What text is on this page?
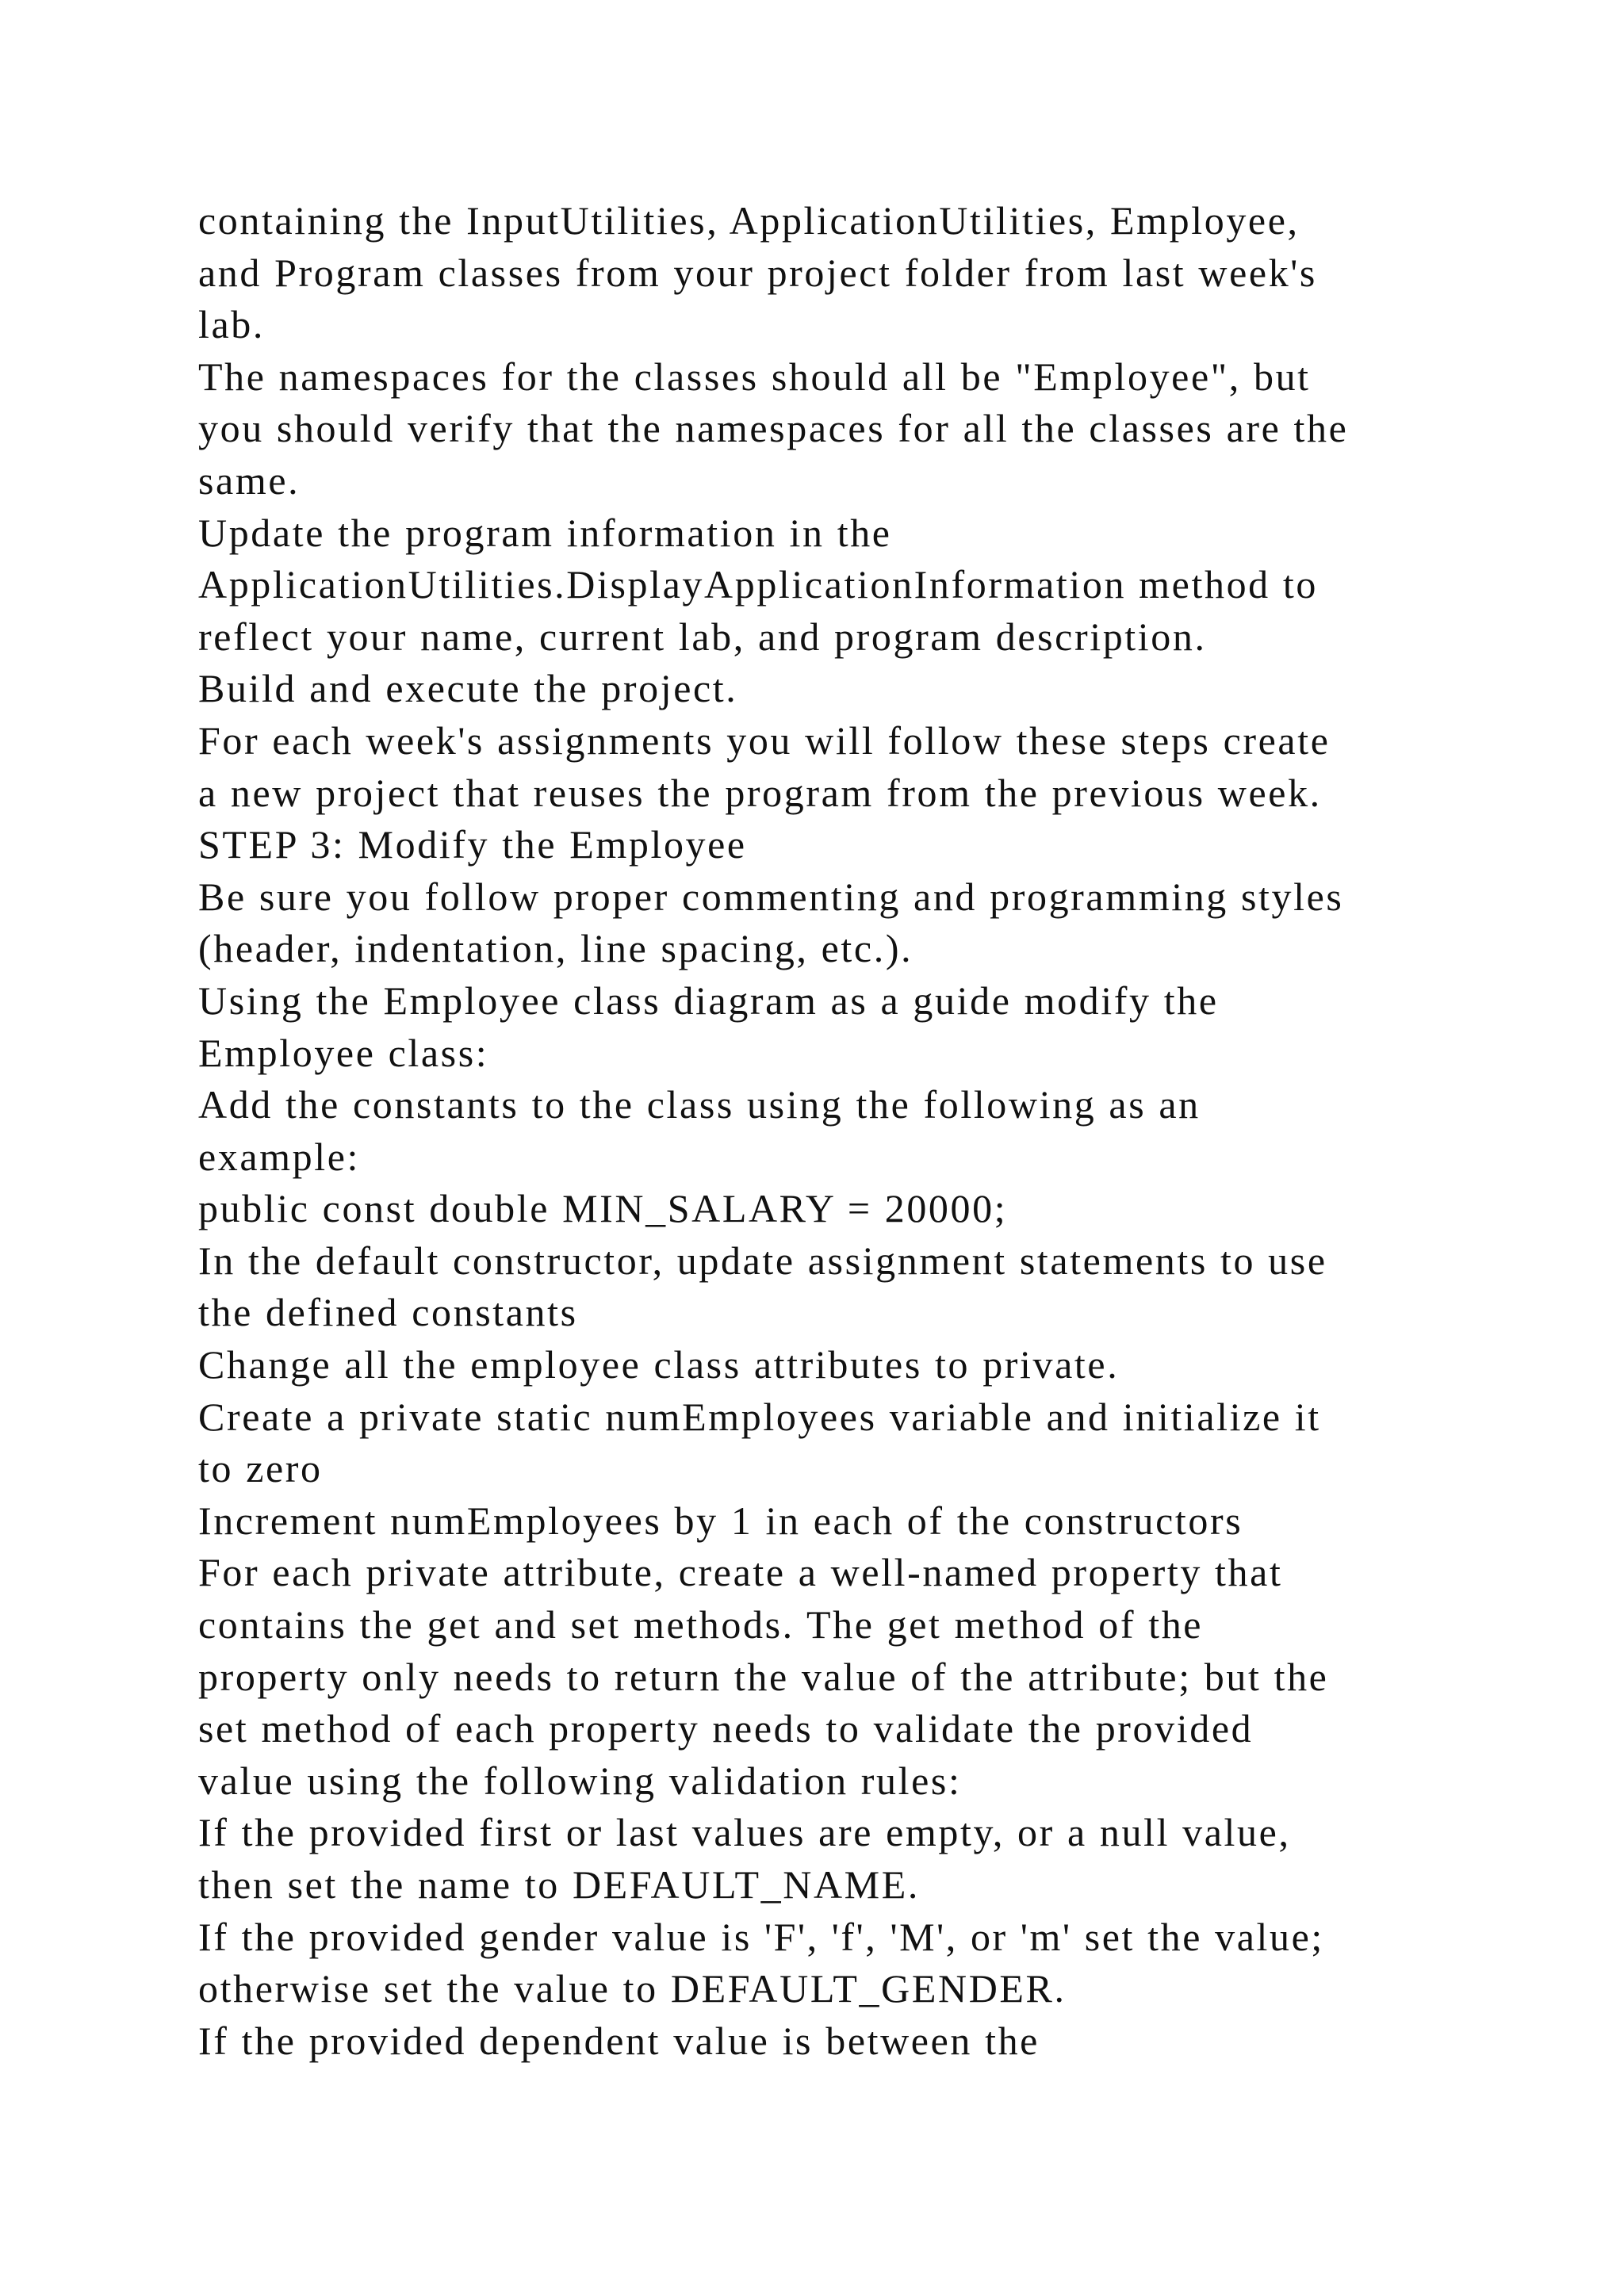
containing the InputUtilities, ApplicationUtilities, Employee,
and Program classes from your project folder from last week's
lab.
The namespaces for the classes should all be "Employee", but
you should verify that the namespaces for all the classes are the
same.
Update the program information in the
ApplicationUtilities.DisplayApplicationInformation method to
reflect your name, current lab, and program description.
Build and execute the project.
For each week's assignments you will follow these steps create
a new project that reuses the program from the previous week.
STEP 3: Modify the Employee
Be sure you follow proper commenting and programming styles
(header, indentation, line spacing, etc.).
Using the Employee class diagram as a guide modify the
Employee class:
Add the constants to the class using the following as an
example:
public const double MIN_SALARY = 20000;
In the default constructor, update assignment statements to use
the defined constants
Change all the employee class attributes to private.
Create a private static numEmployees variable and initialize it
to zero
Increment numEmployees by 1 in each of the constructors
For each private attribute, create a well-named property that
contains the get and set methods. The get method of the
property only needs to return the value of the attribute; but the
set method of each property needs to validate the provided
value using the following validation rules:
If the provided first or last values are empty, or a null value,
then set the name to DEFAULT_NAME.
If the provided gender value is 'F', 'f', 'M', or 'm' set the value;
otherwise set the value to DEFAULT_GENDER.
If the provided dependent value is between the
